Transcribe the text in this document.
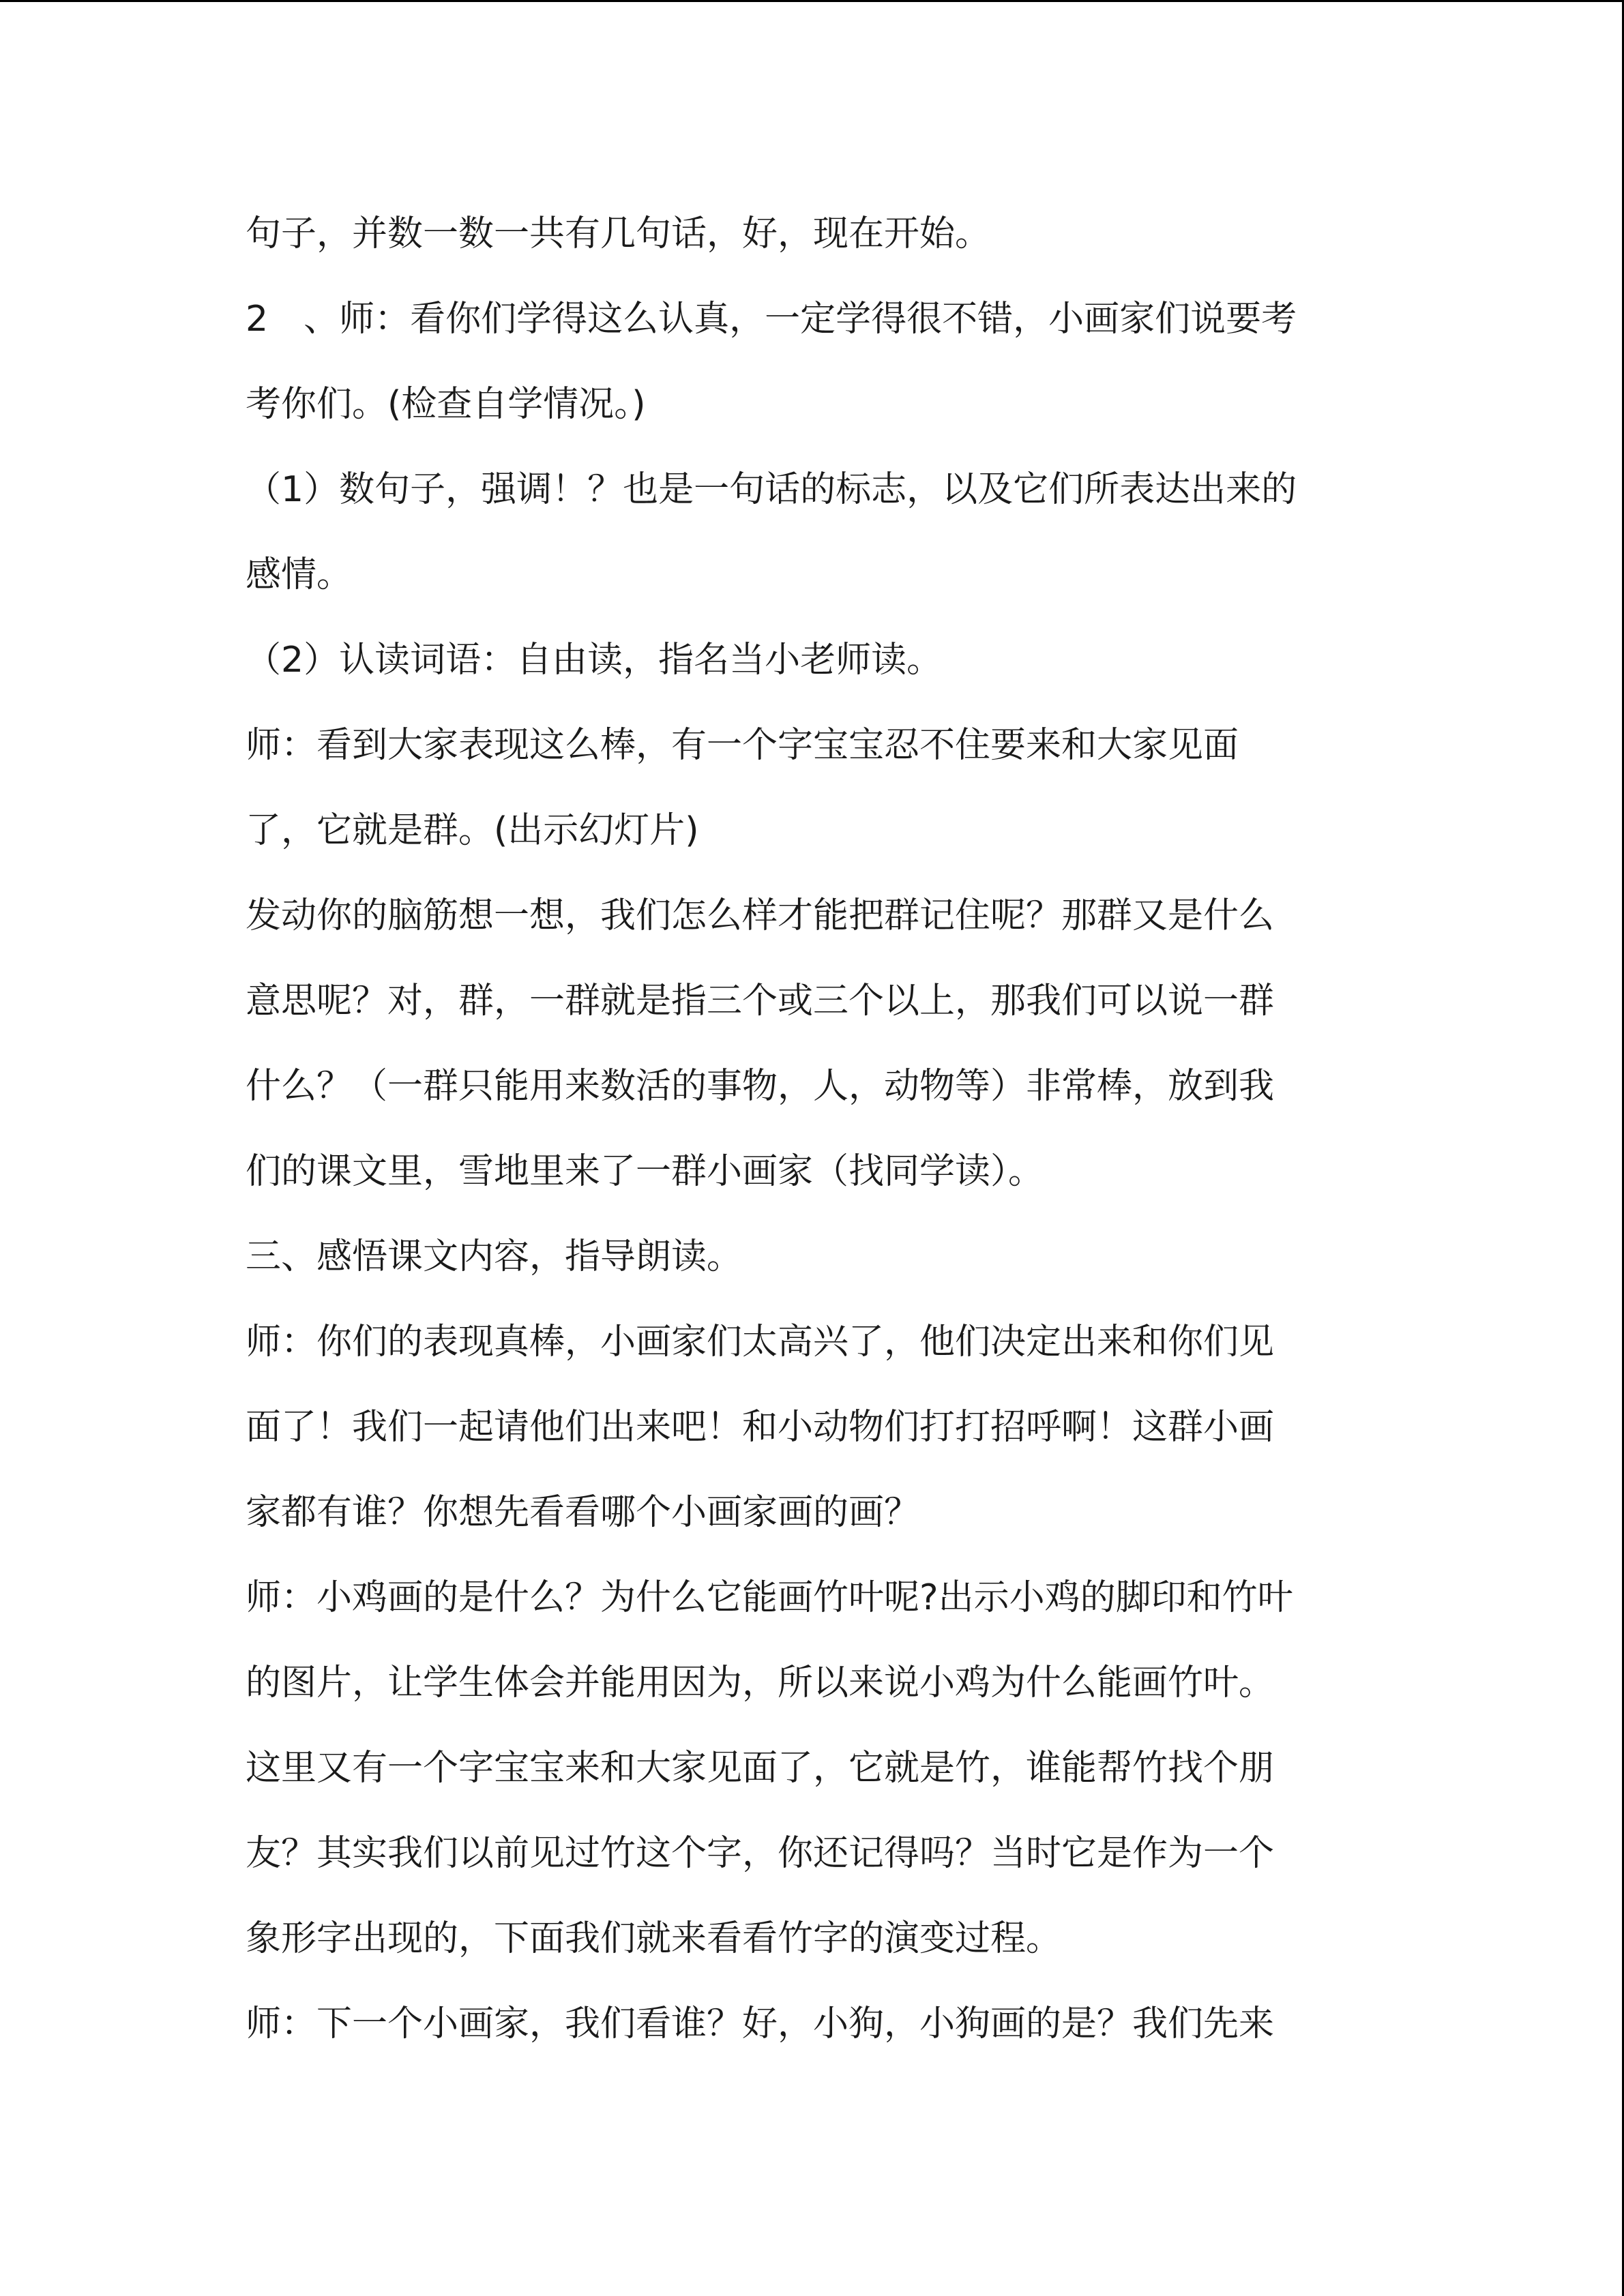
句子，并数一数一共有几句话，好，现在开始。
2　、师：看你们学得这么认真，一定学得很不错，小画家们说要考
考你们。(检查自学情况。)
（1）数句子，强调！？也是一句话的标志，以及它们所表达出来的
感情。
（2）认读词语：自由读，指名当小老师读。
师：看到大家表现这么棒，有一个字宝宝忍不住要来和大家见面
了，它就是群。(出示幻灯片)
发动你的脑筋想一想，我们怎么样才能把群记住呢？那群又是什么
意思呢？对，群，一群就是指三个或三个以上，那我们可以说一群
什么？（一群只能用来数活的事物，人，动物等）非常棒，放到我
们的课文里，雪地里来了一群小画家（找同学读）。
三、感悟课文内容，指导朗读。
师：你们的表现真棒，小画家们太高兴了，他们决定出来和你们见
面了！我们一起请他们出来吧！和小动物们打打招呼啊！这群小画
家都有谁？你想先看看哪个小画家画的画？
师：小鸡画的是什么？为什么它能画竹叶呢?出示小鸡的脚印和竹叶
的图片，让学生体会并能用因为，所以来说小鸡为什么能画竹叶。
这里又有一个字宝宝来和大家见面了，它就是竹，谁能帮竹找个朋
友？其实我们以前见过竹这个字，你还记得吗？当时它是作为一个
象形字出现的，下面我们就来看看竹字的演变过程。
师：下一个小画家，我们看谁？好，小狗，小狗画的是？我们先来
